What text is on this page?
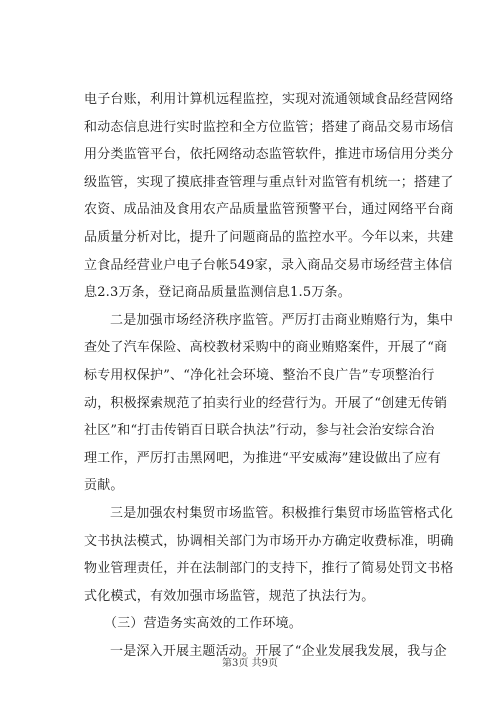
电子台账，利用计算机远程监控，实现对流通领域食品经营网络
和动态信息进行实时监控和全方位监管；搭建了商品交易市场信
用分类监管平台，依托网络动态监管软件，推进市场信用分类分
级监管，实现了摸底排查管理与重点针对监管有机统一；搭建了
农资、成品油及食用农产品质量监管预警平台，通过网络平台商
品质量分析对比，提升了问题商品的监控水平。今年以来，共建
立食品经营业户电子台帐549家，录入商品交易市场经营主体信
息2.3万条，登记商品质量监测信息1.5万条。
二是加强市场经济秩序监管。严厉打击商业贿赂行为，集中
查处了汽车保险、高校教材采购中的商业贿赂案件，开展了“商
标专用权保护”、“净化社会环境、整治不良广告”专项整治行
动，积极探索规范了拍卖行业的经营行为。开展了“创建无传销
社区”和“打击传销百日联合执法”行动，参与社会治安综合治
理工作，严厉打击黑网吧，为推进“平安威海”建设做出了应有
贡献。
三是加强农村集贸市场监管。积极推行集贸市场监管格式化
文书执法模式，协调相关部门为市场开办方确定收费标准，明确
物业管理责任，并在法制部门的支持下，推行了简易处罚文书格
式化模式，有效加强市场监管，规范了执法行为。
（三）营造务实高效的工作环境。
一是深入开展主题活动。开展了“企业发展我发展，我与企
第3页 共9页
